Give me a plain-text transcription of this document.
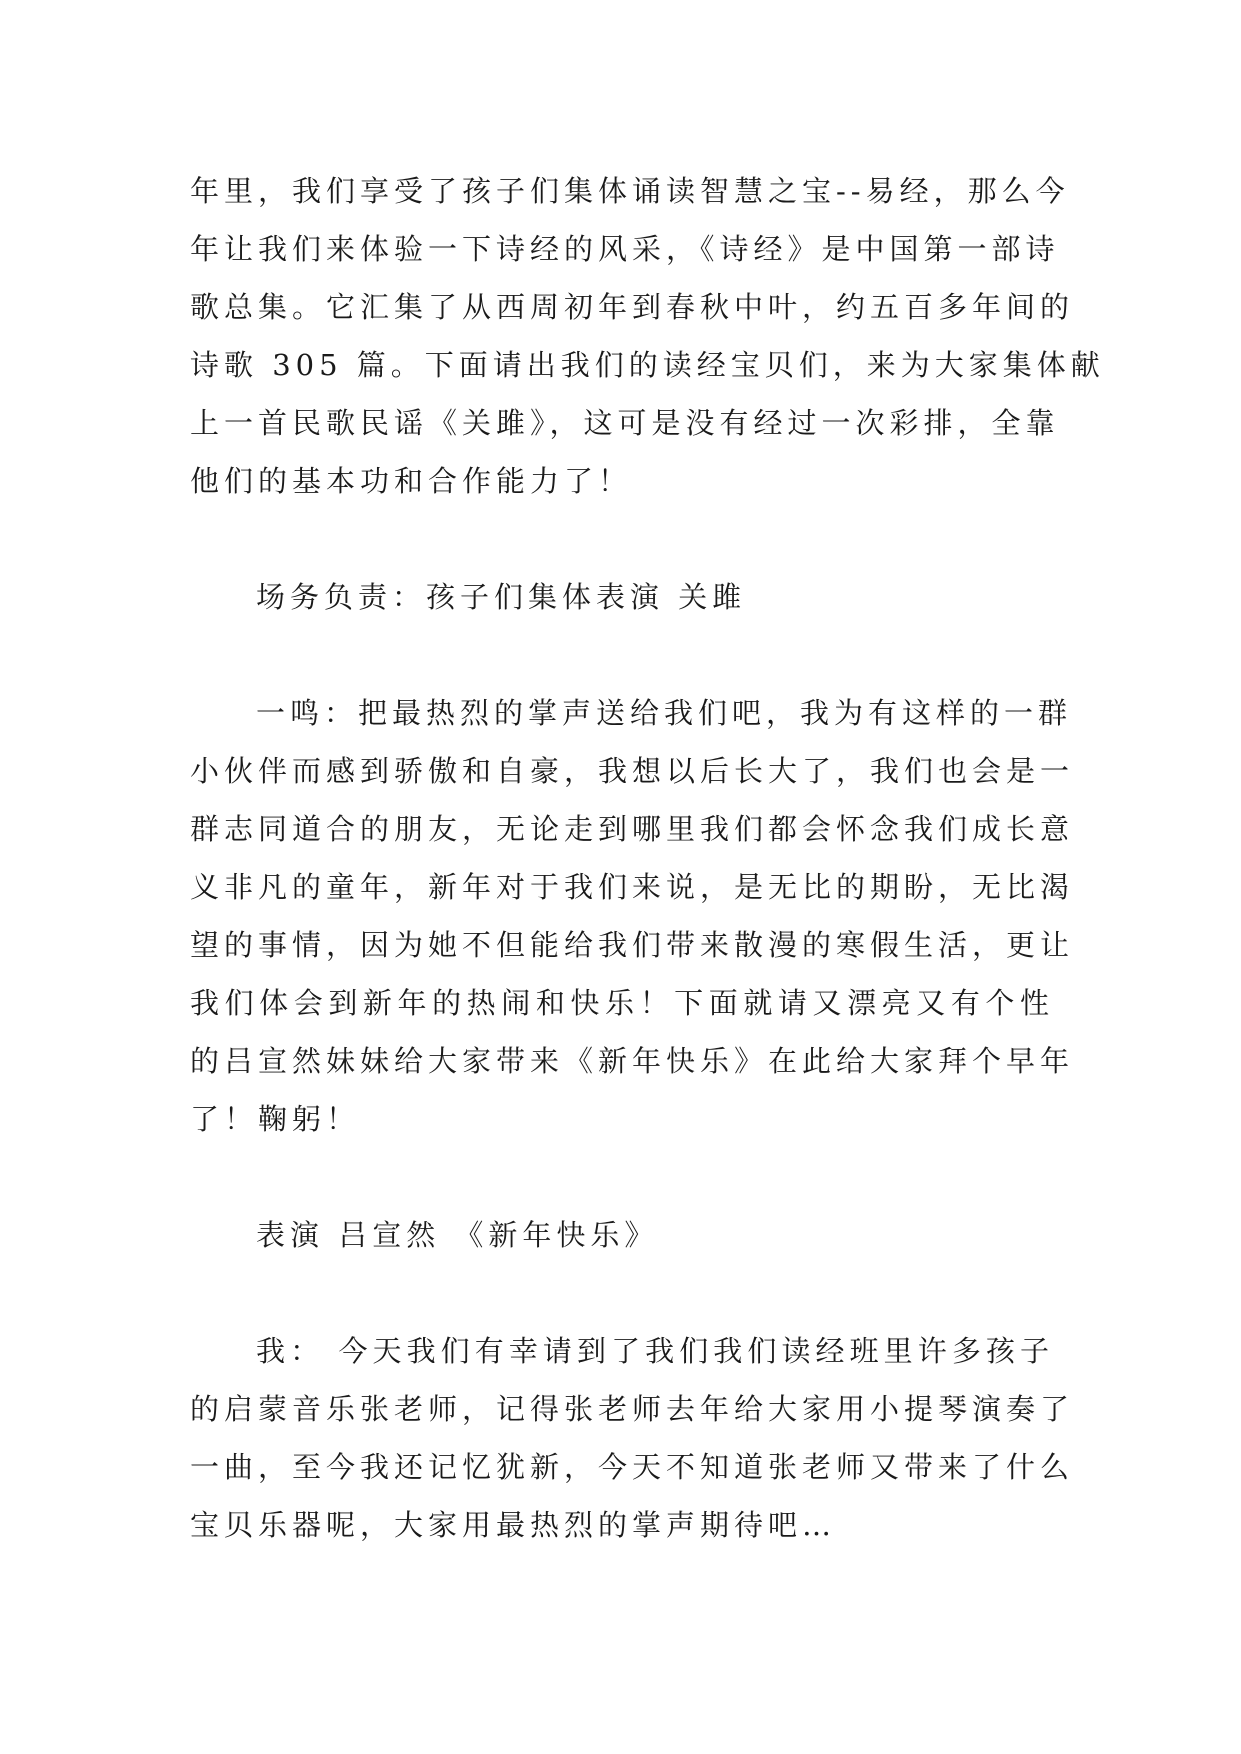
年里，我们享受了孩子们集体诵读智慧之宝--易经，那么今
年让我们来体验一下诗经的风采，《诗经》是中国第一部诗
歌总集。它汇集了从西周初年到春秋中叶，约五百多年间的
诗歌 305 篇。下面请出我们的读经宝贝们，来为大家集体献
上一首民歌民谣《关雎》，这可是没有经过一次彩排，全靠
他们的基本功和合作能力了！
场务负责：孩子们集体表演 关雎
一鸣：把最热烈的掌声送给我们吧，我为有这样的一群
小伙伴而感到骄傲和自豪，我想以后长大了，我们也会是一
群志同道合的朋友，无论走到哪里我们都会怀念我们成长意
义非凡的童年，新年对于我们来说，是无比的期盼，无比渴
望的事情，因为她不但能给我们带来散漫的寒假生活，更让
我们体会到新年的热闹和快乐！下面就请又漂亮又有个性
的吕宣然妹妹给大家带来《新年快乐》在此给大家拜个早年
了！鞠躬！
表演 吕宣然 《新年快乐》
我： 今天我们有幸请到了我们我们读经班里许多孩子
的启蒙音乐张老师，记得张老师去年给大家用小提琴演奏了
一曲，至今我还记忆犹新，今天不知道张老师又带来了什么
宝贝乐器呢，大家用最热烈的掌声期待吧…
